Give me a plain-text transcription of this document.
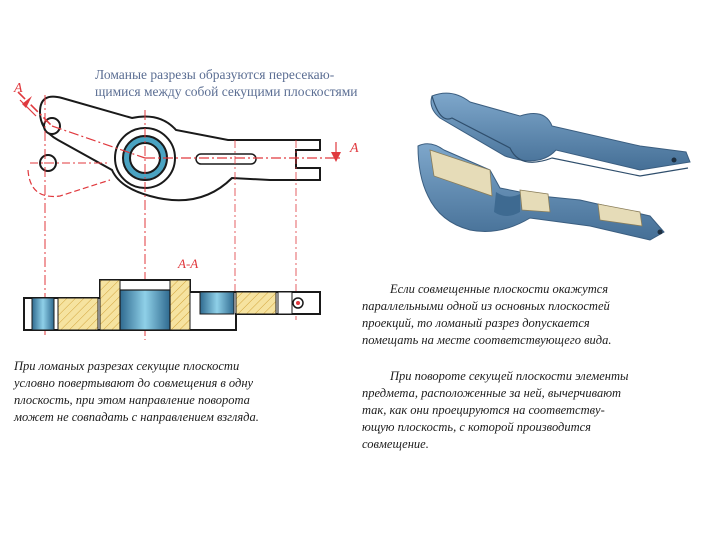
Ломаные разрезы образуются пересекаю-
щимися между собой секущими плоскостями
A
A
А-А

При ломаных разрезах секущие плоскости

условно повертывают до совмещения в одну

плоскость, при этом направление поворота

может не совпадать с направлением взгляда.

Если совмещенные плоскости окажутся

параллельными одной из основных плоскостей

проекций, то ломаный разрез допускается

помещать на месте соответствующего вида.

При повороте секущей плоскости элементы

предмета, расположенные за ней, вычерчивают

так, как они проецируются на соответству-

ющую плоскость, с которой производится

совмещение.
